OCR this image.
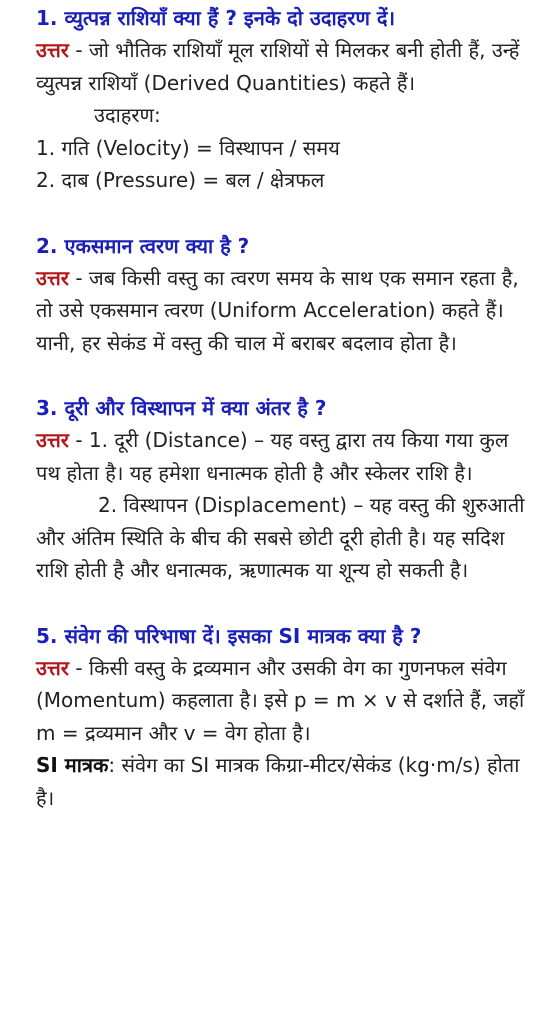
1. व्युत्पन्न राशियाँ क्या हैं ? इनके दो उदाहरण दें।

उत्तर - जो भौतिक राशियाँ मूल राशियों से मिलकर बनी होती हैं, उन्हें व्युत्पन्न राशियाँ (Derived Quantities) कहते हैं।

उदाहरण:

1. गति (Velocity) = विस्थापन / समय

2. दाब (Pressure) = बल / क्षेत्रफल

2. एकसमान त्वरण क्या है ?

उत्तर - जब किसी वस्तु का त्वरण समय के साथ एक समान रहता है, तो उसे एकसमान त्वरण (Uniform Acceleration) कहते हैं। यानी, हर सेकंड में वस्तु की चाल में बराबर बदलाव होता है।

3. दूरी और विस्थापन में क्या अंतर है ?

उत्तर - 1. दूरी (Distance) – यह वस्तु द्वारा तय किया गया कुल पथ होता है। यह हमेशा धनात्मक होती है और स्केलर राशि है।

2. विस्थापन (Displacement) – यह वस्तु की शुरुआती और अंतिम स्थिति के बीच की सबसे छोटी दूरी होती है। यह सदिश राशि होती है और धनात्मक, ऋणात्मक या शून्य हो सकती है।

5. संवेग की परिभाषा दें। इसका SI मात्रक क्या है ?

उत्तर - किसी वस्तु के द्रव्यमान और उसकी वेग का गुणनफल संवेग (Momentum) कहलाता है। इसे p = m × v से दर्शाते हैं, जहाँ m = द्रव्यमान और v = वेग होता है।

SI मात्रक: संवेग का SI मात्रक किग्रा-मीटर/सेकंड (kg·m/s) होता है।
